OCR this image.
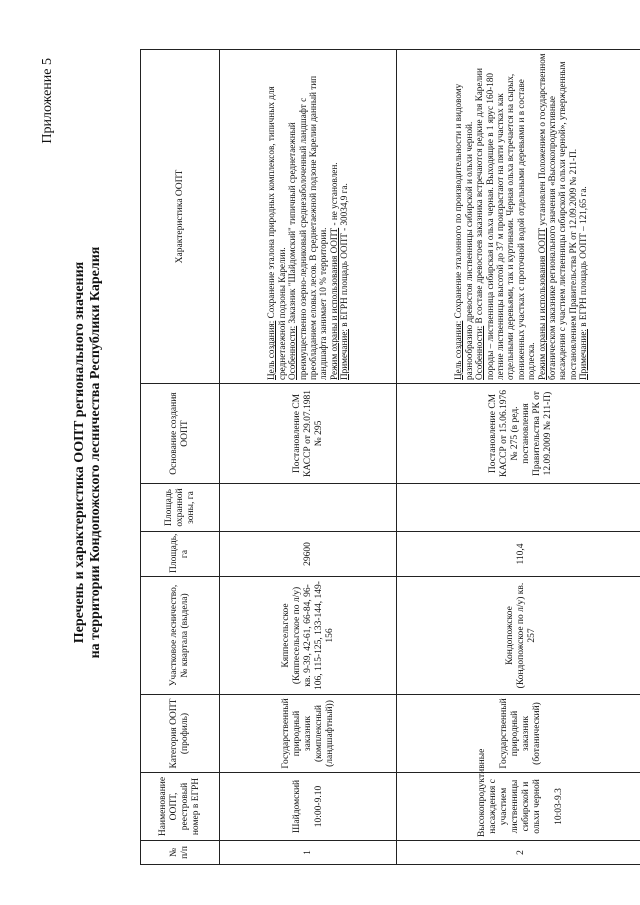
Приложение 5
Перечень и характеристика ООПТ регионального значения на территории Кондопожского лесничества Республики Карелия
№ п/п	Наименование ООПТ, реестровый номер в ЕГРН	Категория ООПТ (профиль)	Участковое лесничество, № квартала (выдела)	Площадь, га	Площадь охранной зоны, га	Основание создания ООПТ	Характеристика ООПТ
1	Шайдомский 10:00-9.10	Государственный природный заказник (комплексный (ландшафтный))	Кяппесельгское (Кяппесельгское по л/у) кв. 9-39, 42-61, 66-84, 96-106, 115-125, 133-144, 149-156	29600		Постановление СМ КАССР от 29.07.1981 № 295	Цель создания: Сохранение эталона природных комплексов, типичных для среднетаежной подзоны Карелии.
Особенности: Заказник "Шайдомский" типичный среднетаежный преимущественно озерно-ледниковый среднезаболоченный ландшафт с преобладанием еловых лесов. В среднетаежной подзоне Карелии данный тип ландшафта занимает 10 % территории.
Режим охраны и использования ООПТ - не установлен.
Примечание: в ЕГРН площадь ООПТ - 30034,9 га.
2	Высокопродуктивные насаждения с участием лиственницы сибирской и ольхи черной 10:03-9.3	Государственный природный заказник (ботанический)	Кондопожское (Кондопожское по л/у) кв. 257	110,4		Постановление СМ КАССР от 15.06.1976 № 275 (в ред. постановления Правительства РК от 12.09.2009 № 211-П)	Цель создания: Сохранение эталонного по производительности и видовому разнообразию древостоя лиственницы сибирской и ольхи черной.
Особенности: В составе древостоев заказника встречаются редкие для Карелии породы – лиственница сибирская и ольха черная. Выходящие в 1 ярус 160-180 летние лиственницы высотой до 37 м произрастают на пяти участках как отдельными деревьями, так и куртинами. Черная ольха встречается на сырых, пониженных участках с проточной водой отдельными деревьями и в составе подлеска.
Режим охраны и использования ООПТ установлен Положением о государственном ботаническом заказнике регионального значения «Высокопродуктивные насаждения с участием лиственницы сибирской и ольхи черной», утвержденным постановлением Правительства РК от 12.09.2009 № 211-П.
Примечание: в ЕГРН площадь ООПТ – 121,65 га.
